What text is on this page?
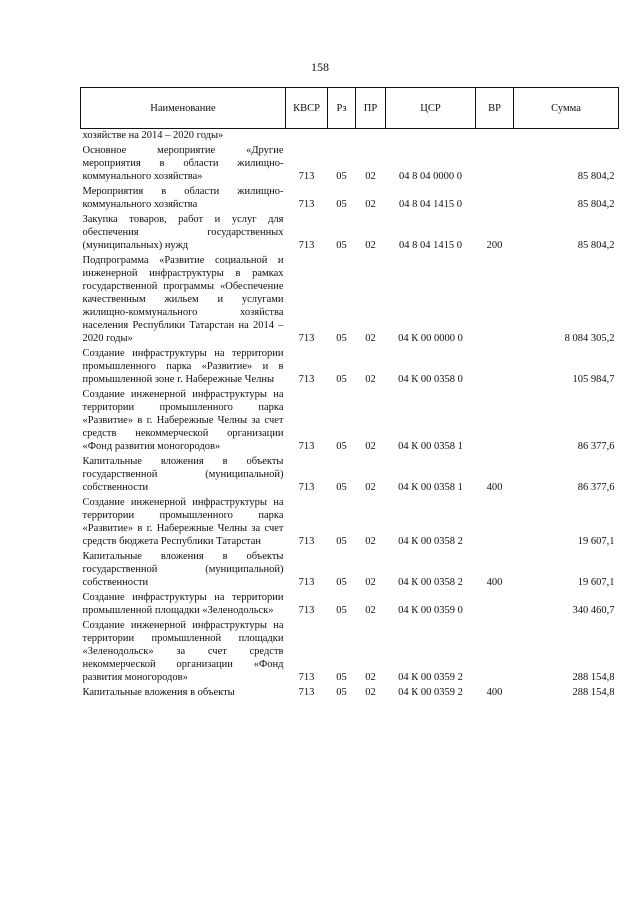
158
Наименование	КВСР	Рз	ПР	ЦСР	ВР	Сумма
хозяйстве на 2014 – 2020 годы»						
Основное мероприятие «Другие мероприятия в области жилищно-коммунального хозяйства»	713	05	02	04 8 04 0000 0		85 804,2
Мероприятия в области жилищно-коммунального хозяйства	713	05	02	04 8 04 1415 0		85 804,2
Закупка товаров, работ и услуг для обеспечения государственных (муниципальных) нужд	713	05	02	04 8 04 1415 0	200	85 804,2
Подпрограмма «Развитие социальной и инженерной инфраструктуры в рамках государственной программы «Обеспечение качественным жильем и услугами жилищно-коммунального хозяйства населения Республики Татарстан на 2014 – 2020 годы»	713	05	02	04 К 00 0000 0		8 084 305,2
Создание инфраструктуры на территории промышленного парка «Развитие» и в промышленной зоне г. Набережные Челны	713	05	02	04 К 00 0358 0		105 984,7
Создание инженерной инфраструктуры на территории промышленного парка «Развитие» в г. Набережные Челны за счет средств некоммерческой организации «Фонд развития моногородов»	713	05	02	04 К 00 0358 1		86 377,6
Капитальные вложения в объекты государственной (муниципальной) собственности	713	05	02	04 К 00 0358 1	400	86 377,6
Создание инженерной инфраструктуры на территории промышленного парка «Развитие» в г. Набережные Челны за счет средств бюджета Республики Татарстан	713	05	02	04 К 00 0358 2		19 607,1
Капитальные вложения в объекты государственной (муниципальной) собственности	713	05	02	04 К 00 0358 2	400	19 607,1
Создание инфраструктуры на территории промышленной площадки «Зеленодольск»	713	05	02	04 К 00 0359 0		340 460,7
Создание инженерной инфраструктуры на территории промышленной площадки «Зеленодольск» за счет средств некоммерческой организации «Фонд развития моногородов»	713	05	02	04 К 00 0359 2		288 154,8
Капитальные вложения в объекты	713	05	02	04 К 00 0359 2	400	288 154,8
